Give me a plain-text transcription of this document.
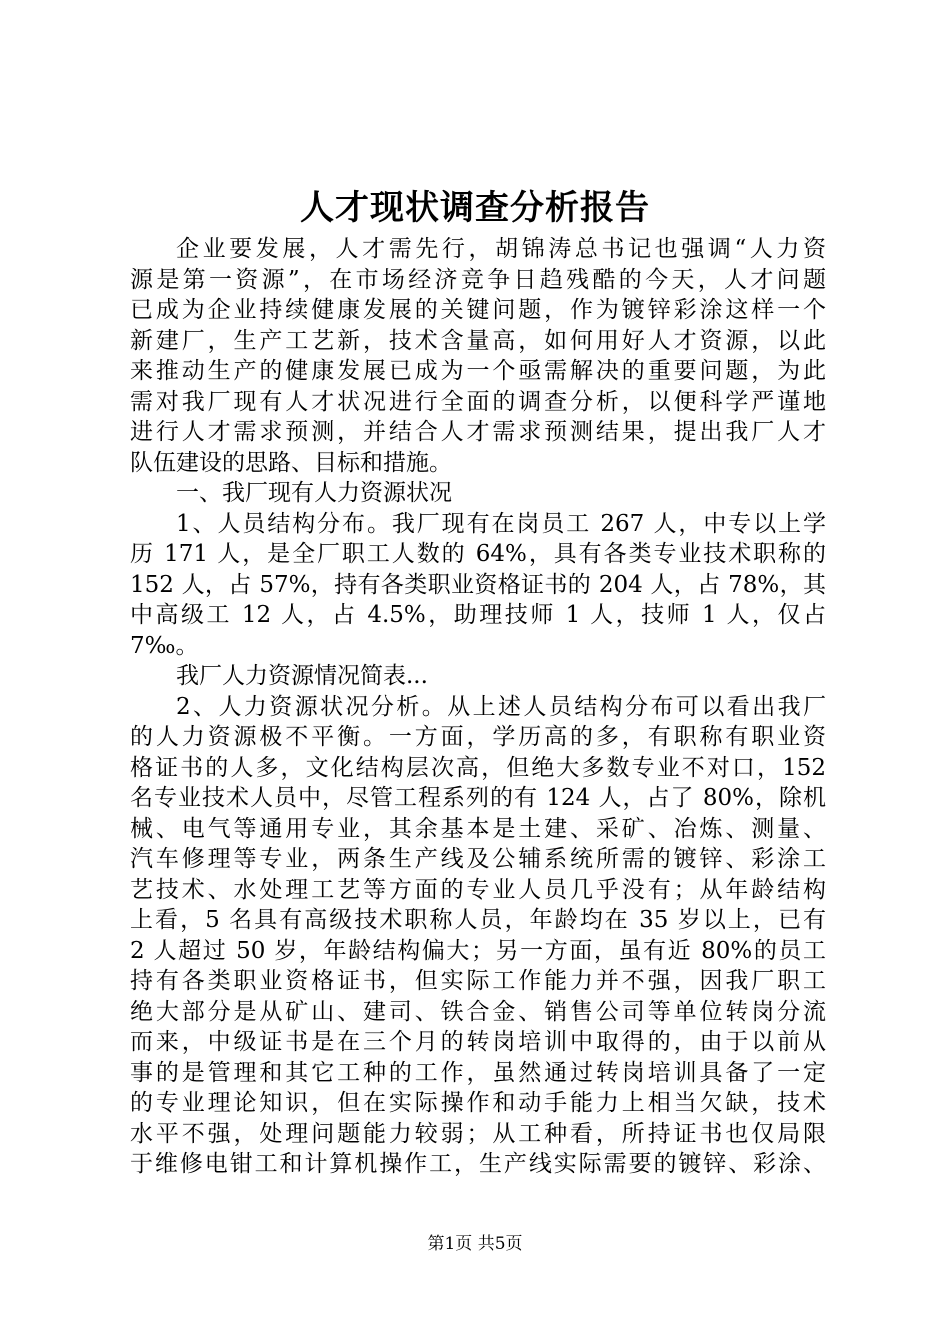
人才现状调查分析报告
企业要发展，人才需先行，胡锦涛总书记也强调“人力资
源是第一资源”，在市场经济竞争日趋残酷的今天，人才问题
已成为企业持续健康发展的关键问题，作为镀锌彩涂这样一个
新建厂，生产工艺新，技术含量高，如何用好人才资源，以此
来推动生产的健康发展已成为一个亟需解决的重要问题，为此
需对我厂现有人才状况进行全面的调查分析，以便科学严谨地
进行人才需求预测，并结合人才需求预测结果，提出我厂人才
队伍建设的思路、目标和措施。
一、我厂现有人力资源状况
1、人员结构分布。我厂现有在岗员工 267 人，中专以上学
历 171 人，是全厂职工人数的 64%，具有各类专业技术职称的
152 人，占 57%，持有各类职业资格证书的 204 人，占 78%，其
中高级工 12 人，占 4.5%，助理技师 1 人，技师 1 人，仅占
7‰。
我厂人力资源情况简表...
2、人力资源状况分析。从上述人员结构分布可以看出我厂
的人力资源极不平衡。一方面，学历高的多，有职称有职业资
格证书的人多，文化结构层次高，但绝大多数专业不对口，152
名专业技术人员中，尽管工程系列的有 124 人，占了 80%，除机
械、电气等通用专业，其余基本是土建、采矿、冶炼、测量、
汽车修理等专业，两条生产线及公辅系统所需的镀锌、彩涂工
艺技术、水处理工艺等方面的专业人员几乎没有；从年龄结构
上看，5 名具有高级技术职称人员，年龄均在 35 岁以上，已有
2 人超过 50 岁，年龄结构偏大；另一方面，虽有近 80%的员工
持有各类职业资格证书，但实际工作能力并不强，因我厂职工
绝大部分是从矿山、建司、铁合金、销售公司等单位转岗分流
而来，中级证书是在三个月的转岗培训中取得的，由于以前从
事的是管理和其它工种的工作，虽然通过转岗培训具备了一定
的专业理论知识，但在实际操作和动手能力上相当欠缺，技术
水平不强，处理问题能力较弱；从工种看，所持证书也仅局限
于维修电钳工和计算机操作工，生产线实际需要的镀锌、彩涂、
第1页 共5页
